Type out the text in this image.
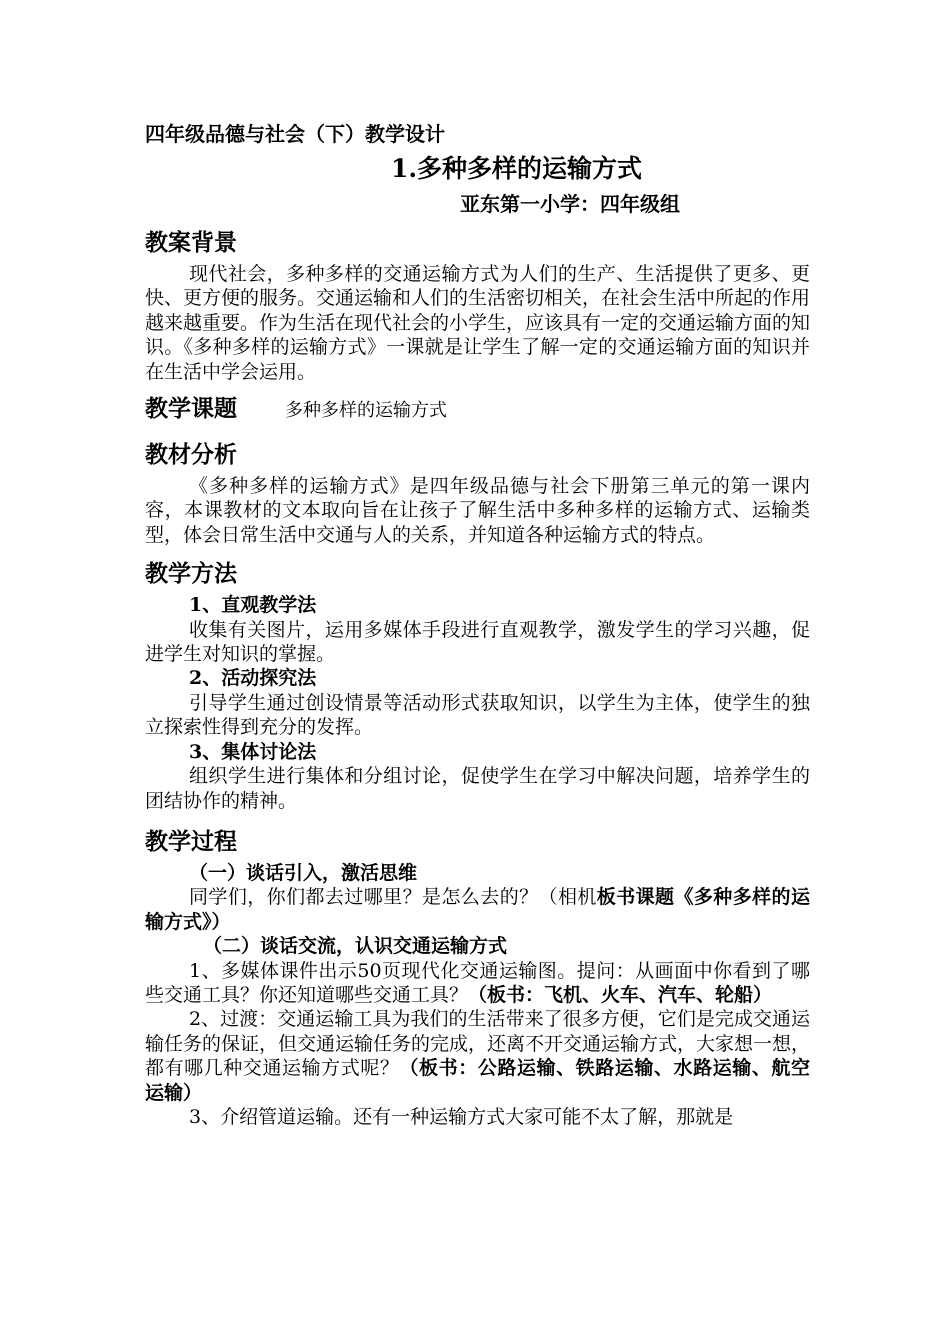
四年级品德与社会（下）教学设计
1.多种多样的运输方式
亚东第一小学：四年级组
教案背景

现代社会，多种多样的交通运输方式为人们的生产、生活提供了更多、更快、更方便的服务。交通运输和人们的生活密切相关，在社会生活中所起的作用越来越重要。作为生活在现代社会的小学生，应该具有一定的交通运输方面的知识。《多种多样的运输方式》一课就是让学生了解一定的交通运输方面的知识并在生活中学会运用。

教学课题	多种多样的运输方式
教材分析

《多种多样的运输方式》是四年级品德与社会下册第三单元的第一课内容，本课教材的文本取向旨在让孩子了解生活中多种多样的运输方式、运输类型，体会日常生活中交通与人的关系，并知道各种运输方式的特点。

教学方法
1、直观教学法

收集有关图片，运用多媒体手段进行直观教学，激发学生的学习兴趣，促进学生对知识的掌握。

2、活动探究法

引导学生通过创设情景等活动形式获取知识，以学生为主体，使学生的独立探索性得到充分的发挥。

3、集体讨论法

组织学生进行集体和分组讨论，促使学生在学习中解决问题，培养学生的团结协作的精神。

教学过程
（一）谈话引入，激活思维

同学们，你们都去过哪里？是怎么去的？（相机板书课题《多种多样的运输方式》）

（二）谈话交流，认识交通运输方式

1、多媒体课件出示50页现代化交通运输图。提问：从画面中你看到了哪些交通工具？你还知道哪些交通工具？（板书：飞机、火车、汽车、轮船）

2、过渡：交通运输工具为我们的生活带来了很多方便，它们是完成交通运输任务的保证，但交通运输任务的完成，还离不开交通运输方式，大家想一想，都有哪几种交通运输方式呢？（板书：公路运输、铁路运输、水路运输、航空运输）

3、介绍管道运输。还有一种运输方式大家可能不太了解，那就是
